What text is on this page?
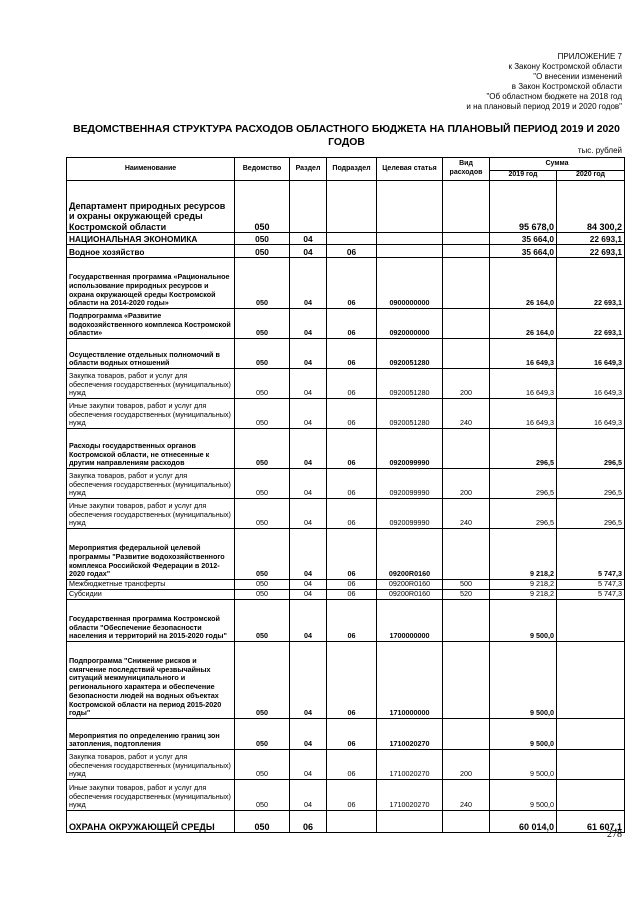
ПРИЛОЖЕНИЕ 7
к Закону Костромской области
"О внесении изменений
в Закон Костромской области
"Об областном бюджете на 2018 год
и на плановый период 2019 и 2020 годов"
ВЕДОМСТВЕННАЯ СТРУКТУРА РАСХОДОВ ОБЛАСТНОГО БЮДЖЕТА НА ПЛАНОВЫЙ ПЕРИОД 2019 И 2020 ГОДОВ
тыс. рублей
Наименование	Ведомство	Раздел	Подраздел	Целевая статья	Вид расходов	Сумма	
						2019 год	2020 год
Департамент природных ресурсов и охраны окружающей среды Костромской области	050					95 678,0	84 300,2
НАЦИОНАЛЬНАЯ ЭКОНОМИКА	050	04				35 664,0	22 693,1
Водное хозяйство	050	04	06			35 664,0	22 693,1
Государственная программа «Рациональное использование природных ресурсов и охрана окружающей среды Костромской области на 2014-2020 годы»	050	04	06	0900000000		26 164,0	22 693,1
Подпрограмма «Развитие водохозяйственного комплекса Костромской области»	050	04	06	0920000000		26 164,0	22 693,1
Осуществление отдельных полномочий в области водных отношений	050	04	06	0920051280		16 649,3	16 649,3
Закупка товаров, работ и услуг для обеспечения государственных (муниципальных) нужд	050	04	06	0920051280	200	16 649,3	16 649,3
Иные закупки товаров, работ и услуг для обеспечения государственных (муниципальных) нужд	050	04	06	0920051280	240	16 649,3	16 649,3
Расходы государственных органов Костромской области, не отнесенные к другим направлениям расходов	050	04	06	0920099990		296,5	296,5
Закупка товаров, работ и услуг для обеспечения государственных (муниципальных) нужд	050	04	06	0920099990	200	296,5	296,5
Иные закупки товаров, работ и услуг для обеспечения государственных (муниципальных) нужд	050	04	06	0920099990	240	296,5	296,5
Мероприятия федеральной целевой программы "Развитие водохозяйственного комплекса Российской Федерации в 2012-2020 годах"	050	04	06	09200R0160		9 218,2	5 747,3
Межбюджетные трансферты	050	04	06	09200R0160	500	9 218,2	5 747,3
Субсидии	050	04	06	09200R0160	520	9 218,2	5 747,3
Государственная программа Костромской области "Обеспечение безопасности населения и территорий на 2015-2020 годы"	050	04	06	1700000000		9 500,0	
Подпрограмма "Снижение рисков и смягчение последствий чрезвычайных ситуаций межмуниципального и регионального характера и обеспечение безопасности людей на водных объектах Костромской области на период 2015-2020 годы"	050	04	06	1710000000		9 500,0	
Мероприятия по определению границ зон затопления, подтопления	050	04	06	1710020270		9 500,0	
Закупка товаров, работ и услуг для обеспечения государственных (муниципальных) нужд	050	04	06	1710020270	200	9 500,0	
Иные закупки товаров, работ и услуг для обеспечения государственных (муниципальных) нужд	050	04	06	1710020270	240	9 500,0	
ОХРАНА ОКРУЖАЮЩЕЙ СРЕДЫ	050	06				60 014,0	61 607,1
278
